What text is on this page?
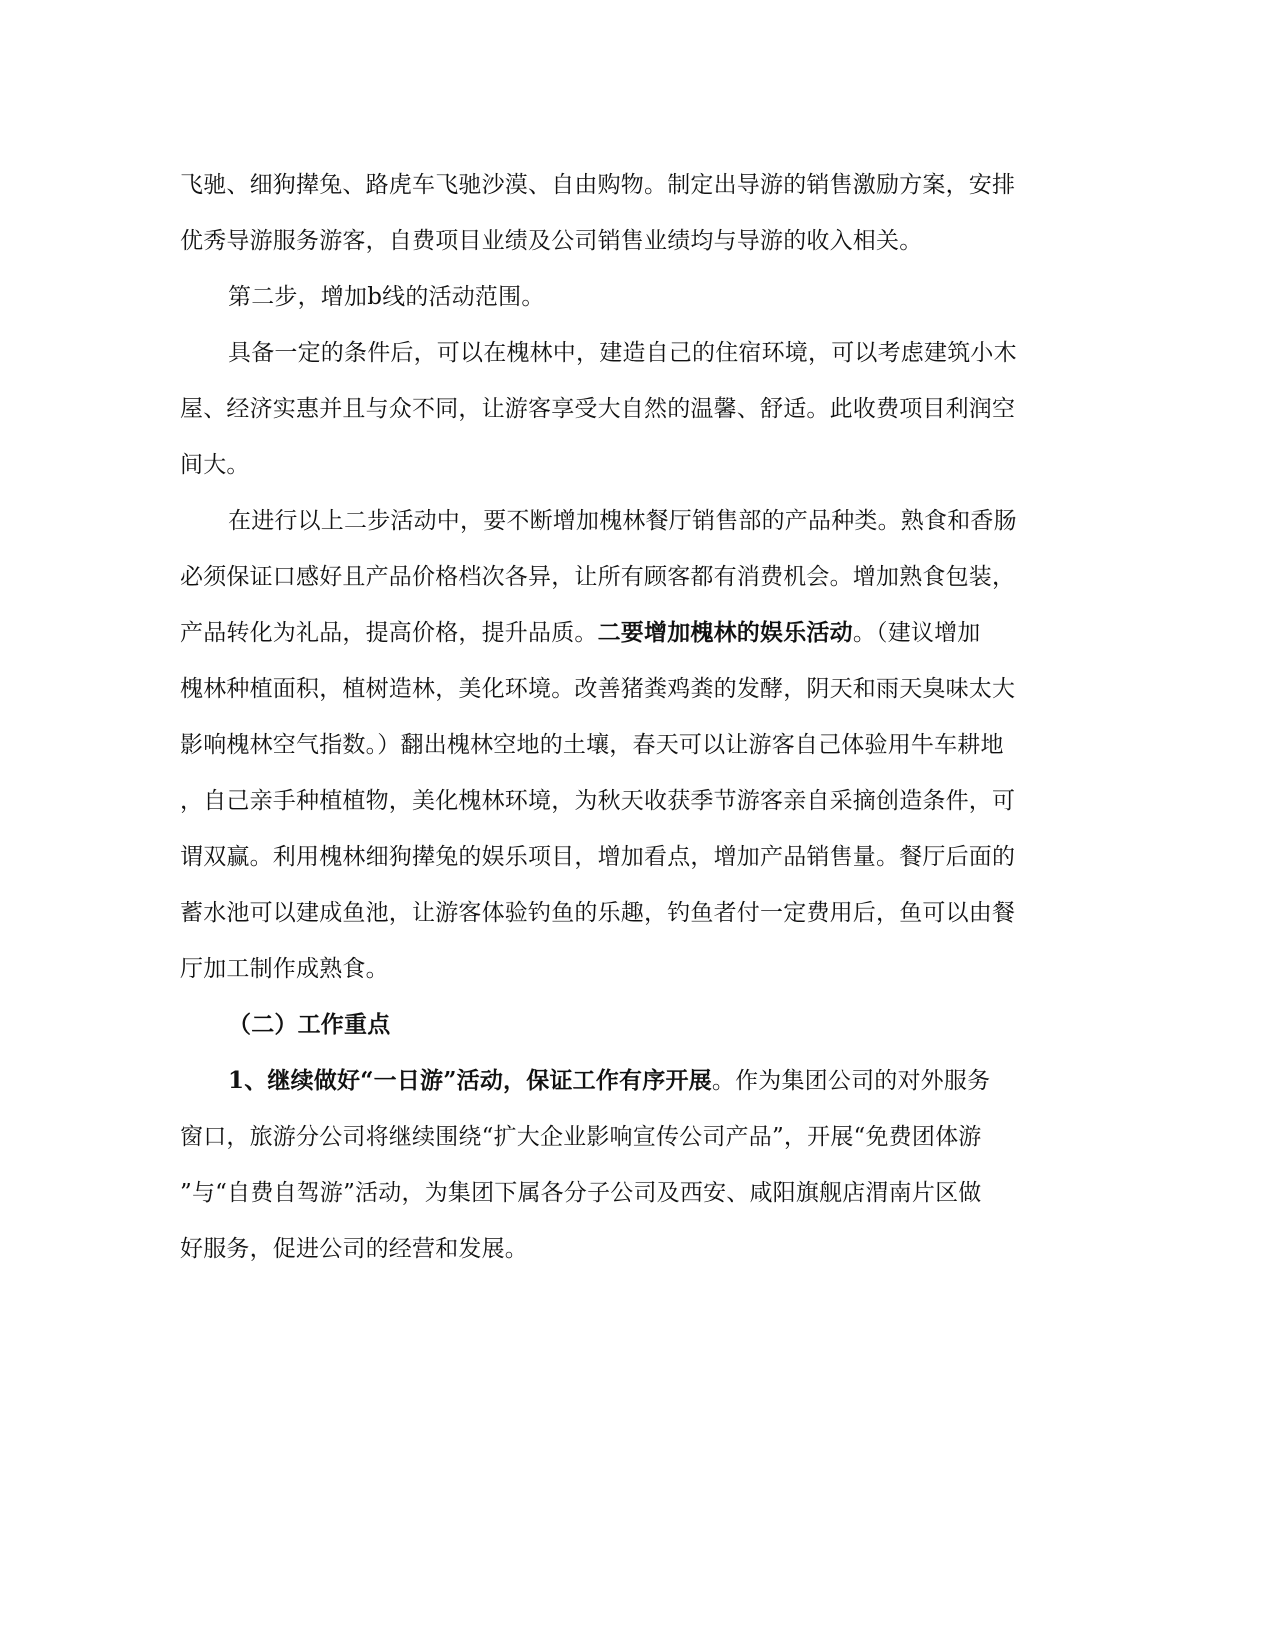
飞驰、细狗撵兔、路虎车飞驰沙漠、自由购物。制定出导游的销售激励方案，安排
优秀导游服务游客，自费项目业绩及公司销售业绩均与导游的收入相关。
第二步，增加b线的活动范围。
具备一定的条件后，可以在槐林中，建造自己的住宿环境，可以考虑建筑小木
屋、经济实惠并且与众不同，让游客享受大自然的温馨、舒适。此收费项目利润空
间大。
在进行以上二步活动中，要不断增加槐林餐厅销售部的产品种类。熟食和香肠
必须保证口感好且产品价格档次各异，让所有顾客都有消费机会。增加熟食包装，
产品转化为礼品，提高价格，提升品质。二要增加槐林的娱乐活动。（建议增加
槐林种植面积，植树造林，美化环境。改善猪粪鸡粪的发酵，阴天和雨天臭味太大
影响槐林空气指数。）翻出槐林空地的土壤，春天可以让游客自己体验用牛车耕地
，自己亲手种植植物，美化槐林环境，为秋天收获季节游客亲自采摘创造条件，可
谓双赢。利用槐林细狗撵兔的娱乐项目，增加看点，增加产品销售量。餐厅后面的
蓄水池可以建成鱼池，让游客体验钓鱼的乐趣，钓鱼者付一定费用后，鱼可以由餐
厅加工制作成熟食。
（二）工作重点
1、继续做好“一日游”活动，保证工作有序开展。作为集团公司的对外服务
窗口，旅游分公司将继续围绕“扩大企业影响宣传公司产品”，开展“免费团体游
”与“自费自驾游”活动，为集团下属各分子公司及西安、咸阳旗舰店渭南片区做
好服务，促进公司的经营和发展。
